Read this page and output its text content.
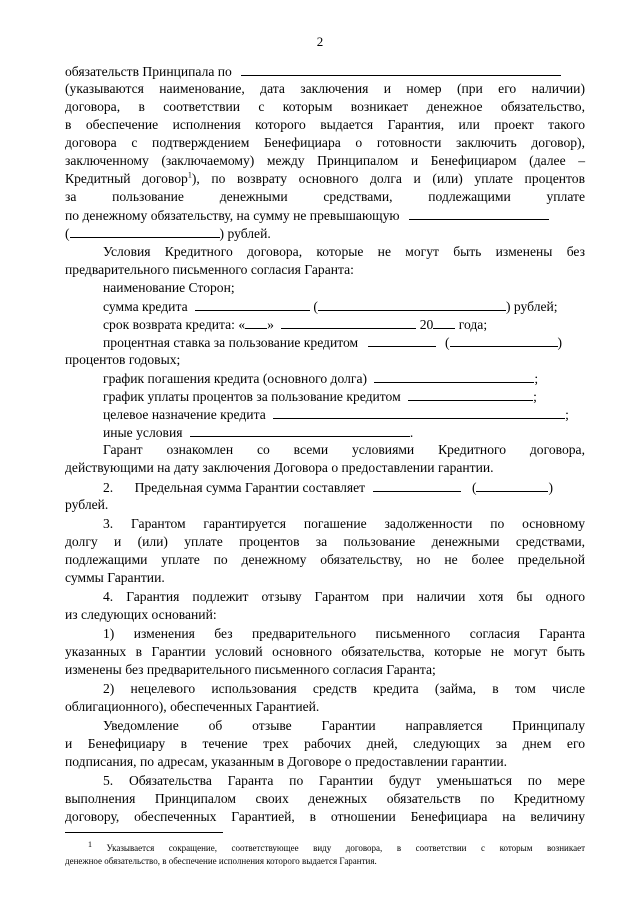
2
обязательств Принципала по
(указываются наименование, дата заключения и номер (при его наличии)
договора, в соответствии с которым возникает денежное обязательство,
в обеспечение исполнения которого выдается Гарантия, или проект такого
договора с подтверждением Бенефициара о готовности заключить договор),
заключенному (заключаемому) между Принципалом и Бенефициаром (далее –
Кредитный договор$^1$), по возврату основного долга и (или) уплате процентов
за пользование денежными средствами, подлежащими уплате
по денежному обязательству, на сумму не превышающую
(	) рублей.
Условия Кредитного договора, которые не могут быть изменены без
предварительного письменного согласия Гаранта:
наименование Сторон;
сумма кредита	(	) рублей;
срок возврата кредита: « »	20 года;
процентная ставка за пользование кредитом	(	)
процентов годовых;
график погашения кредита (основного долга)	;
график уплаты процентов за пользование кредитом	;
целевое назначение кредита	;
иные условия	.
Гарант ознакомлен со всеми условиями Кредитного договора,
действующими на дату заключения Договора о предоставлении гарантии.
2. Предельная сумма Гарантии составляет	(	)
рублей.
3. Гарантом гарантируется погашение задолженности по основному
долгу и (или) уплате процентов за пользование денежными средствами,
подлежащими уплате по денежному обязательству, но не более предельной
суммы Гарантии.
4. Гарантия подлежит отзыву Гарантом при наличии хотя бы одного
из следующих оснований:
1) изменения без предварительного письменного согласия Гаранта
указанных в Гарантии условий основного обязательства, которые не могут быть
изменены без предварительного письменного согласия Гаранта;
2) нецелевого использования средств кредита (займа, в том числе
облигационного), обеспеченных Гарантией.
Уведомление об отзыве Гарантии направляется Принципалу
и Бенефициару в течение трех рабочих дней, следующих за днем его
подписания, по адресам, указанным в Договоре о предоставлении гарантии.
5. Обязательства Гаранта по Гарантии будут уменьшаться по мере
выполнения Принципалом своих денежных обязательств по Кредитному
договору, обеспеченных Гарантией, в отношении Бенефициара на величину
$^1$ Указывается сокращение, соответствующее виду договора, в соответствии с которым возникает
денежное обязательство, в обеспечение исполнения которого выдается Гарантия.
